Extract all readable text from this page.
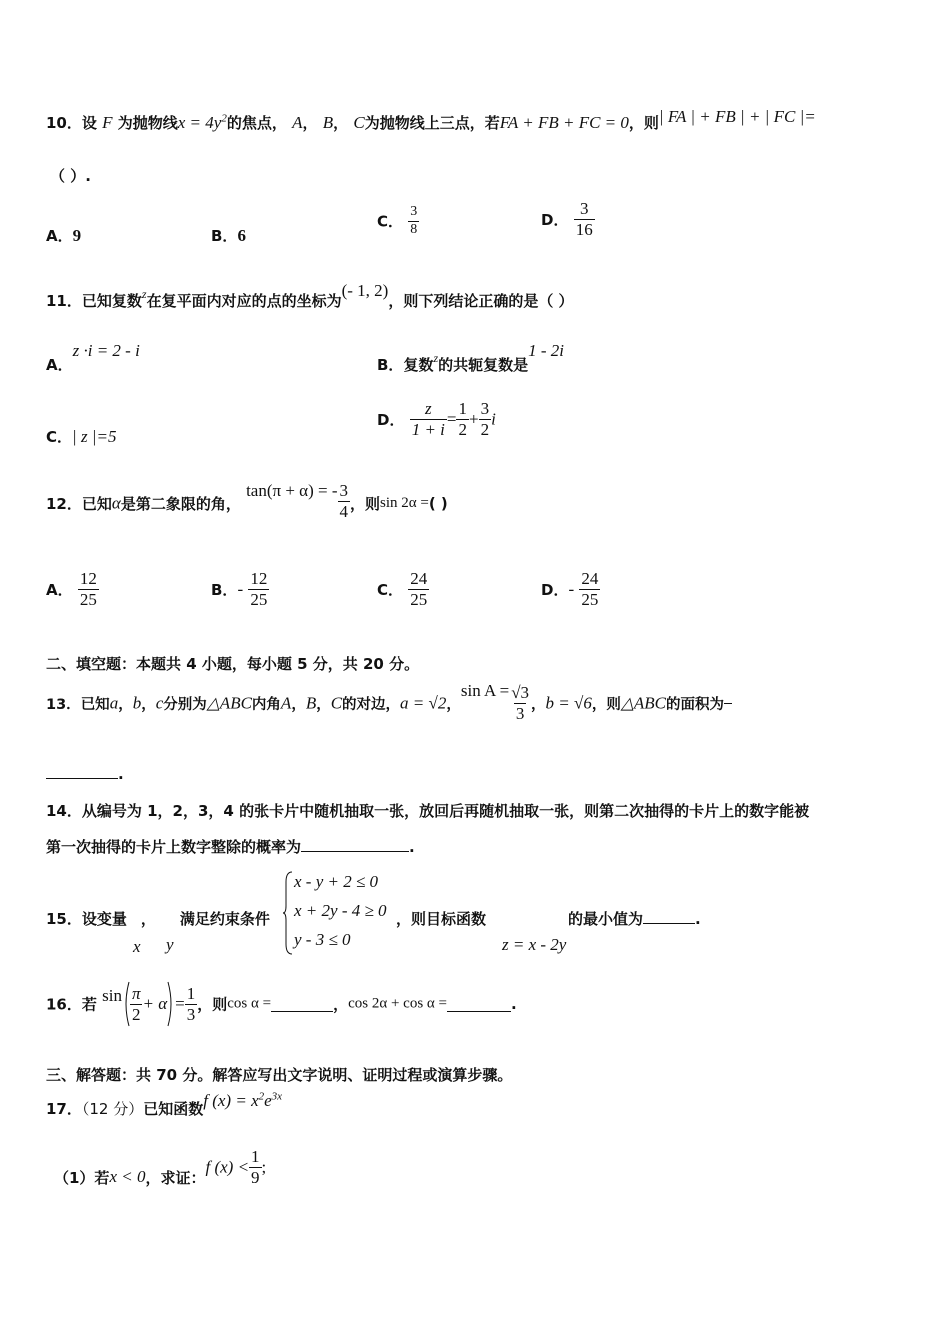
10．设 F 为抛物线$x = 4y^2$的焦点， A， B， C为抛物线上三点，若FA + FB + FC = 0，则| FA | + FB | + | FC |=
（ ）.
A．9	B．6
C． $\frac{3}{8}$	D． $\frac{3}{16}$
11．已知复数$^z$在复平面内对应的点的坐标为(- 1, 2)，则下列结论正确的是（ ）
A．z ·i = 2 - i
B．复数$^z$的共轭复数是1 - 2i
C．| z |=5
D． $\frac{z}{1 + i} = \frac{1}{2} + \frac{3}{2}$ i
12．已知α是第二象限的角， tan(π + α) = - $\frac{3}{4}$ ，则sin 2α =( )
A． $\frac{12}{25}$	B．- $\frac{12}{25}$	C． $\frac{24}{25}$	D．- $\frac{24}{25}$
二、填空题：本题共 4 小题，每小题 5 分，共 20 分。
13．已知a，b，c分别为△ABC内角A，B，C的对边，a = √2，$\sin A = \frac{√3}{3}$ ，b = √6，则△ABC的面积为
.
14．从编号为 1，2，3，4 的张卡片中随机抽取一张，放回后再随机抽取一张，则第二次抽得的卡片上的数字能被
第一次抽得的卡片上数字整除的概率为	.
15．设变量 ， 满足约束条件
x y
x - y + 2 ≤ 0
x + 2y - 4 ≥ 0
y - 3 ≤ 0
，则目标函数	的最小值为	.
z = x - 2y
16．若 $\sin \frac{\pi}{2} + \alpha = \frac{1}{3}$ ，则cos α =	，cos 2α + cos α =	.
三、解答题：共 70 分。解答应写出文字说明、证明过程或演算步骤。
17．（12 分）已知函数f $(x) = x^2e^{3x}$
（1）若x < 0，求证：f $(x) < \frac{1}{9}$ ;
